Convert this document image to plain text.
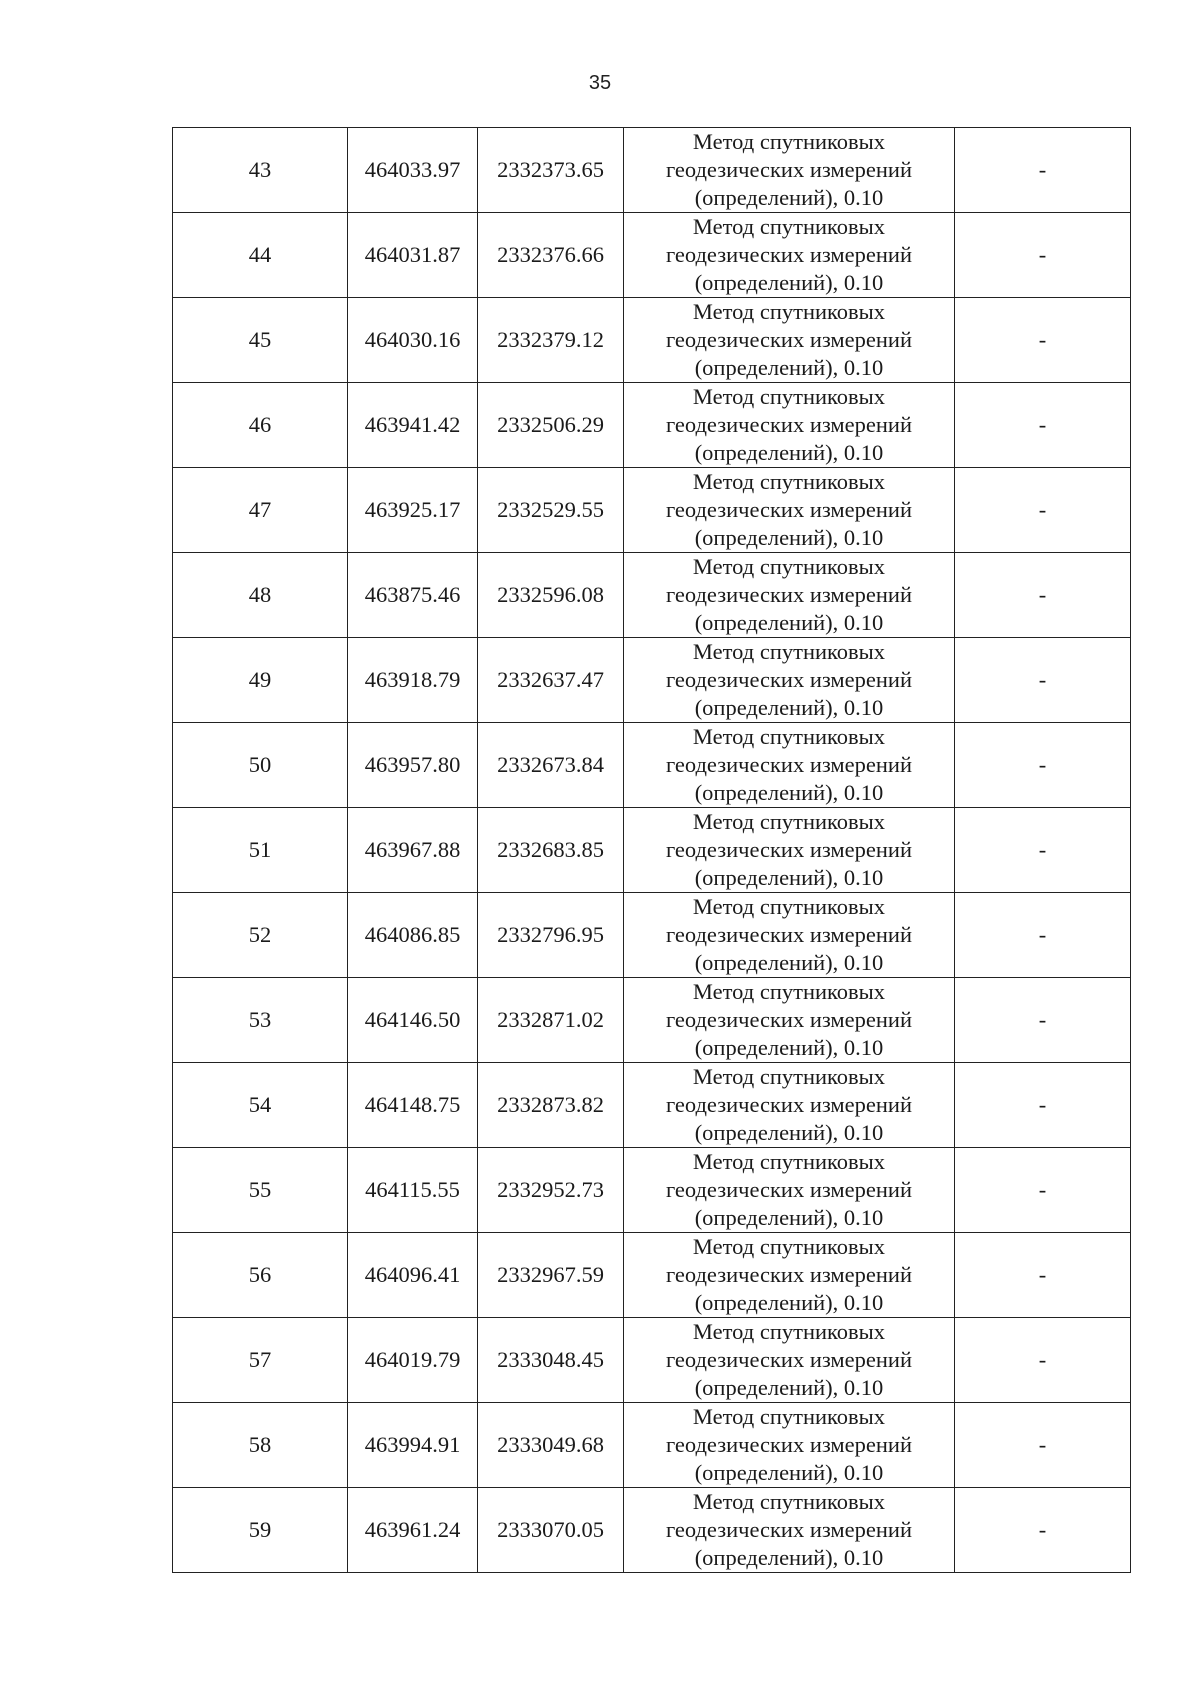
35
43	464033.97	2332373.65	Метод спутниковых
геодезических измерений
(определений), 0.10	-
44	464031.87	2332376.66	Метод спутниковых
геодезических измерений
(определений), 0.10	-
45	464030.16	2332379.12	Метод спутниковых
геодезических измерений
(определений), 0.10	-
46	463941.42	2332506.29	Метод спутниковых
геодезических измерений
(определений), 0.10	-
47	463925.17	2332529.55	Метод спутниковых
геодезических измерений
(определений), 0.10	-
48	463875.46	2332596.08	Метод спутниковых
геодезических измерений
(определений), 0.10	-
49	463918.79	2332637.47	Метод спутниковых
геодезических измерений
(определений), 0.10	-
50	463957.80	2332673.84	Метод спутниковых
геодезических измерений
(определений), 0.10	-
51	463967.88	2332683.85	Метод спутниковых
геодезических измерений
(определений), 0.10	-
52	464086.85	2332796.95	Метод спутниковых
геодезических измерений
(определений), 0.10	-
53	464146.50	2332871.02	Метод спутниковых
геодезических измерений
(определений), 0.10	-
54	464148.75	2332873.82	Метод спутниковых
геодезических измерений
(определений), 0.10	-
55	464115.55	2332952.73	Метод спутниковых
геодезических измерений
(определений), 0.10	-
56	464096.41	2332967.59	Метод спутниковых
геодезических измерений
(определений), 0.10	-
57	464019.79	2333048.45	Метод спутниковых
геодезических измерений
(определений), 0.10	-
58	463994.91	2333049.68	Метод спутниковых
геодезических измерений
(определений), 0.10	-
59	463961.24	2333070.05	Метод спутниковых
геодезических измерений
(определений), 0.10	-
